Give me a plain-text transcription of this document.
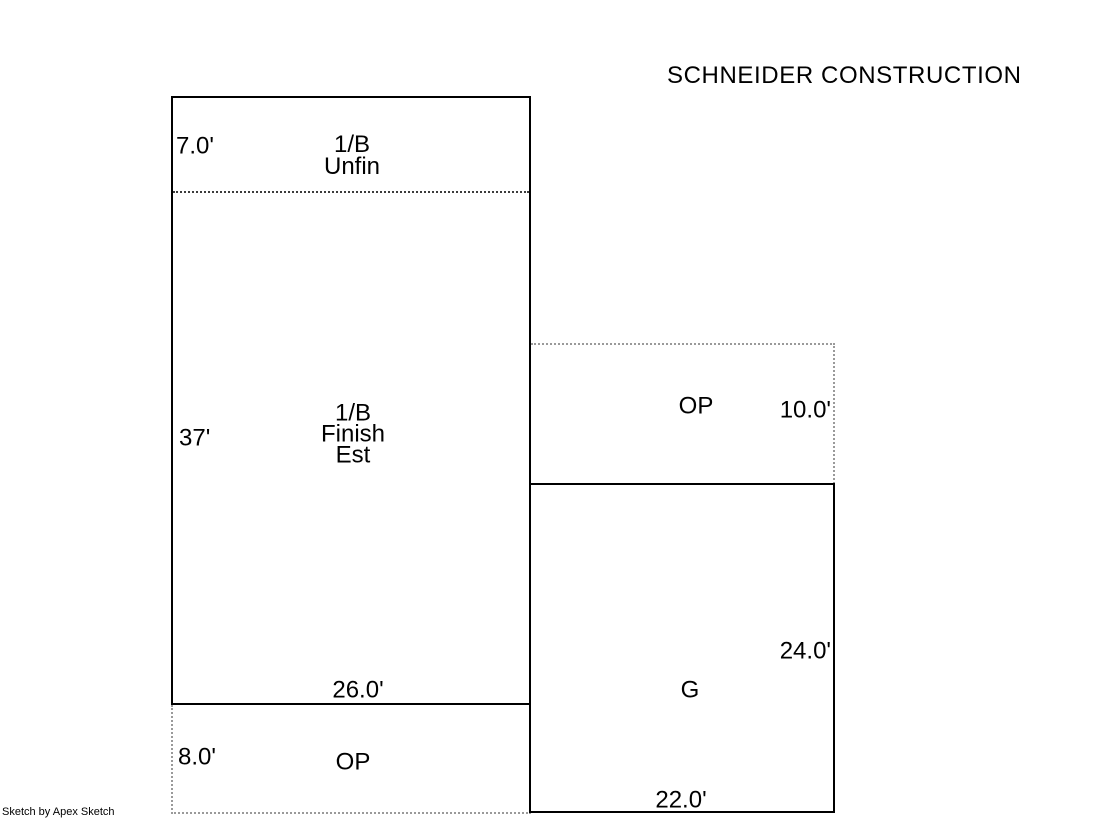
SCHNEIDER CONSTRUCTION
7.0'	1/B
Unfin
37'
1/B
Finish
Est
26.0'
8.0'	OP
OP	10.0'
24.0'
G
22.0'
Sketch by Apex Sketch
